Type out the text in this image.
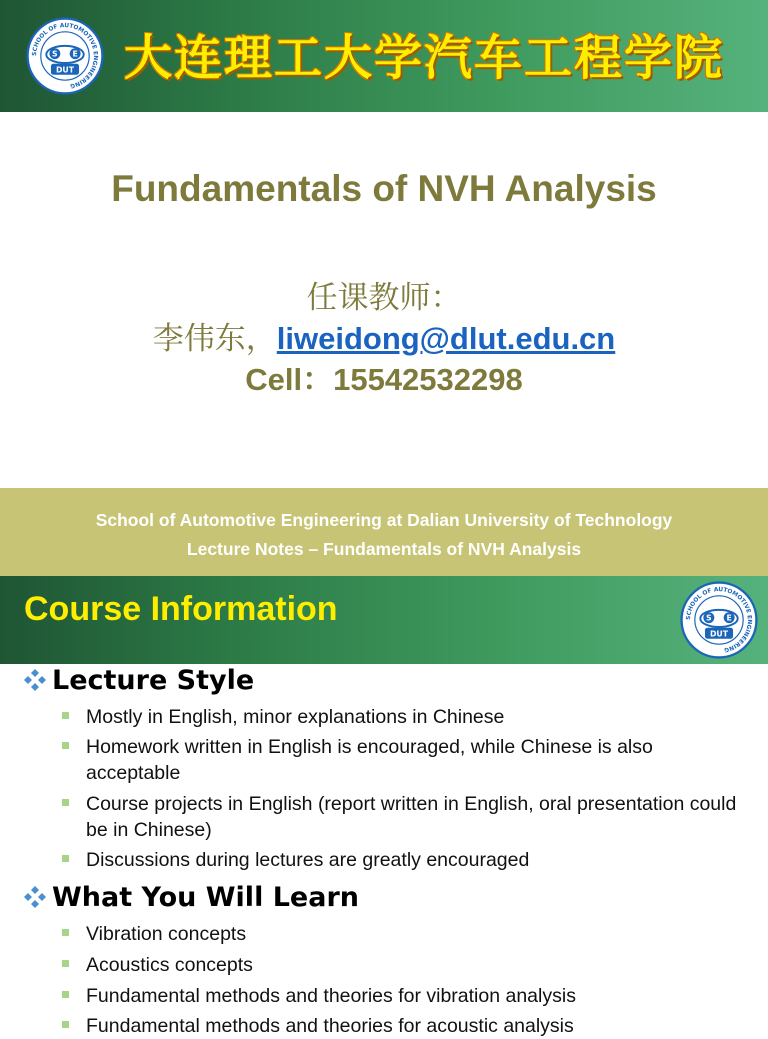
SCHOOL OF AUTOMOTIVE ENGINEERING
S E
DUT 大连理工大学汽车工程学院
Fundamentals of NVH Analysis
任课教师：
李伟东，liweidong@dlut.edu.cn
Cell：15542532298
School of Automotive Engineering at Dalian University of Technology
Lecture Notes – Fundamentals of NVH Analysis
Course Information	SCHOOL OF AUTOMOTIVE ENGINEERING
S E
DUT
Lecture Style
Mostly in English, minor explanations in Chinese
Homework written in English is encouraged, while Chinese is also acceptable
Course projects in English (report written in English, oral presentation could be in Chinese)
Discussions during lectures are greatly encouraged
What You Will Learn
Vibration concepts
Acoustics concepts
Fundamental methods and theories for vibration analysis
Fundamental methods and theories for acoustic analysis
